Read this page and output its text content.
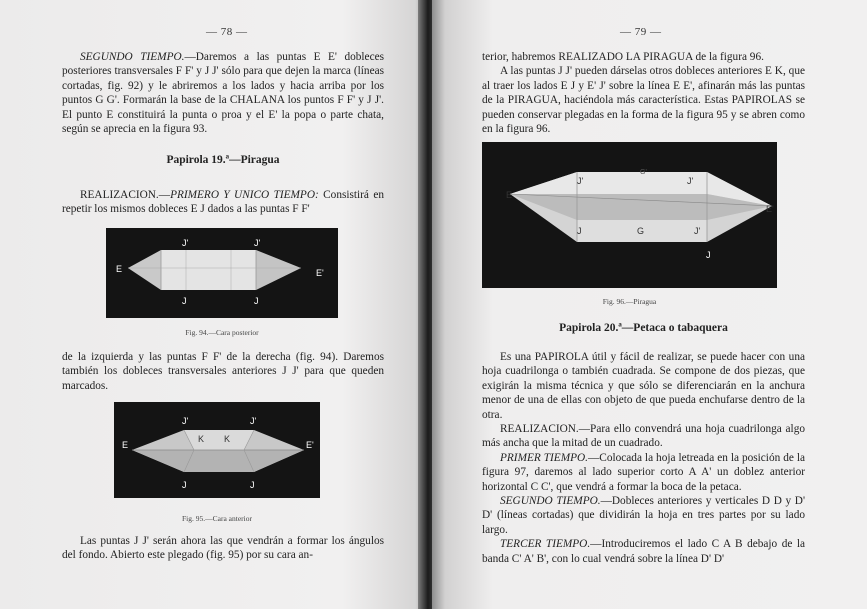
— 78 —

SEGUNDO TIEMPO.—Daremos a las puntas E E' dobleces posteriores transversales F F' y J J' sólo para que dejen la marca (líneas cortadas, fig. 92) y le abriremos a los lados y hacia arriba por los puntos G G'. Formarán la base de la CHALANA los puntos F F' y J J'. El punto E constituirá la punta o proa y el E' la popa o parte chata, según se aprecia en la figura 93.

Papirola 19.ª—Piragua

REALIZACION.—PRIMERO Y UNICO TIEMPO: Consistirá en repetir los mismos dobleces E J dados a las puntas F F'

J'	J'
E	E'
J	J
Fig. 94.—Cara posterior

de la izquierda y las puntas F F' de la derecha (fig. 94). Daremos también los dobleces transversales anteriores J J' para que queden marcados.

J'	J'
K K
E	E'
J	J
Fig. 95.—Cara anterior

Las puntas J J' serán ahora las que vendrán a formar los ángulos del fondo. Abierto este plegado (fig. 95) por su cara an-

— 79 —

terior, habremos REALIZADO LA PIRAGUA de la figura 96.

A las puntas J J' pueden dárselas otros dobleces anteriores E K, que al traer los lados E J y E' J' sobre la línea E E', afinarán más las puntas de la PIRAGUA, haciéndola más característica. Estas PAPIROLAS se pueden conservar plegadas en la forma de la figura 95 y se abren como en la figura 96.

J'	J'
G'
E
E'
J	G	J'
J
Fig. 96.—Piragua
Papirola 20.ª—Petaca o tabaquera

Es una PAPIROLA útil y fácil de realizar, se puede hacer con una hoja cuadrilonga o también cuadrada. Se compone de dos piezas, que exigirán la misma técnica y que sólo se diferenciarán en la anchura menor de una de ellas con objeto de que pueda enchufarse dentro de la otra.

REALIZACION.—Para ello convendrá una hoja cuadrilonga algo más ancha que la mitad de un cuadrado.

PRIMER TIEMPO.—Colocada la hoja letreada en la posición de la figura 97, daremos al lado superior corto A A' un doblez anterior horizontal C C', que vendrá a formar la boca de la petaca.

SEGUNDO TIEMPO.—Dobleces anteriores y verticales D D y D' D' (líneas cortadas) que dividirán la hoja en tres partes por su lado largo.

TERCER TIEMPO.—Introduciremos el lado C A B debajo de la banda C' A' B', con lo cual vendrá sobre la línea D' D'
